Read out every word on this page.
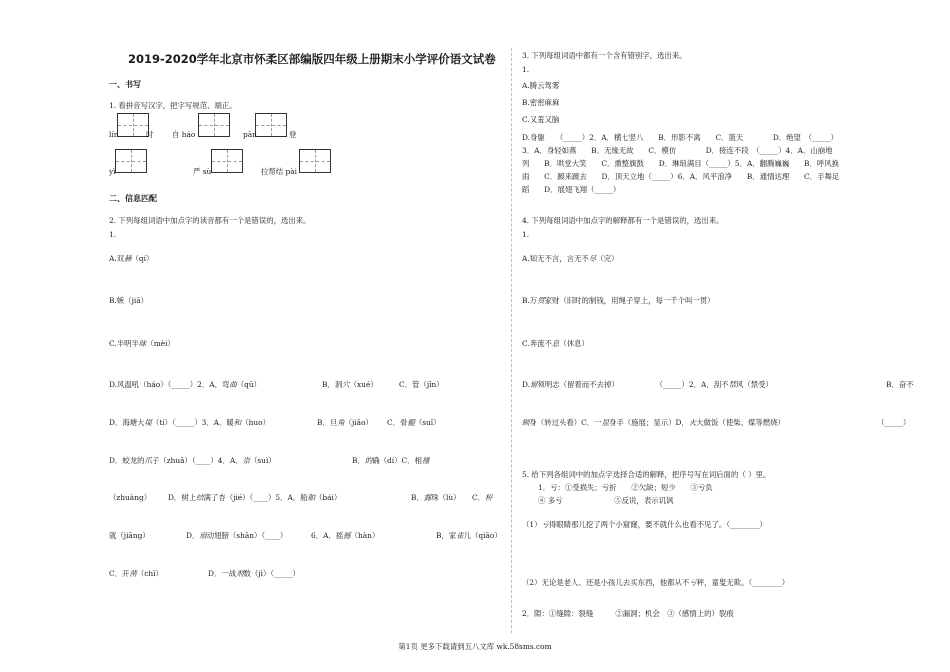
2019-2020学年北京市怀柔区部编版四年级上册期末小学评价语文试卷
一、书写
1. 看拼音写汉字，把字写规范、端正。
lín	时	自 háo	pān	登
yì	严 sù	拉帮结 pài
二、信息匹配
2. 下列每组词语中加点字的读音都有一个是错误的，选出来。
1.
A.双赫（qí）
B.嫉（jiā）
C.半明半昧（mèi）
D.风温吼（háo）（_____）2．A．弯曲（qū）	B．洞穴（xué）	C．管（jīn）
D．海塘大堤（tí）（_____）3．A．暖和（huo）	B．旦角（jiǎo） C．骨髓（suǐ）
D．蛟龙的爪子（zhuǎ）（____）4．A．崇（suì）	B．的确（dí）C．相撞
（zhuàng） D．树上结满了杏（jié）（____）5．A．船舶（bái）	B．露珠（lù） C．桥
就（jiāng）	D．扇动翅膀（shān）（____）	6．A．摇撼（hàn）	B．家雀儿（qiāo）
C．开凿（chǐ）	D．一战剂数（jì）（_____）
3. 下列每组词语中都有一个含有错别字，选出来。
1.
A.腾云驾雾
B.密密麻麻
C.又羞又脑
D.身躯　　（_____）2．A．横七竖八　　B．形影不离　　C．篮天　　　　D．绝望　（_____）
3．A．身轻如燕　　B．无缘无故　　C．模仿　　　　D．接连不段　（_____）4．A．山崩地
列　　B．哄堂大笑　　C．熏整旗鼓　　D．琳琅满目（_____）5．A．翻腾巍巍　　B．呼风换
雨　　C．踱来踱去　　D．顶天立地（_____）6．A．风平浪净　　B．通情达理　　C．手舞足
蹈　　D．展翅飞翔（_____）
4. 下列每组词语中加点字的解释都有一个是错误的，选出来。
1.
A.知无不言，言无不尽（完）
B.万贯家财（旧时的制钱，用绳子穿上，每一千个叫一贯）
C.奔流不息（休息）
D.留须明志（留着而不去掉）　　　　　　（_____）2．A．刮不禁风（禁受）	B．奋不
顾身（转过头看）C．一显身手（施展；显示）D．火大做饭（使柴、煤等燃烧）	（_____）
5. 给下列各组词中的加点字选择合适的解释，把序号写在词后面的（ ）里。
1．亏：①受损失；亏折　　②欠缺；短少　　③亏负
④ 多亏　　　　　　　⑤反说，表示讥讽
（1）亏得眼睛那儿挖了两个小窟窿，要不就什么也看不见了。（________）
（2）无论是老人、还是小孩儿去买东西，他都从不亏秤，童叟无欺。（________）
2．隙：①缝隙：裂缝　　　②漏洞；机会　③（感情上的）裂痕
第1页 更多下载请到五八文库 wk.58sms.com
